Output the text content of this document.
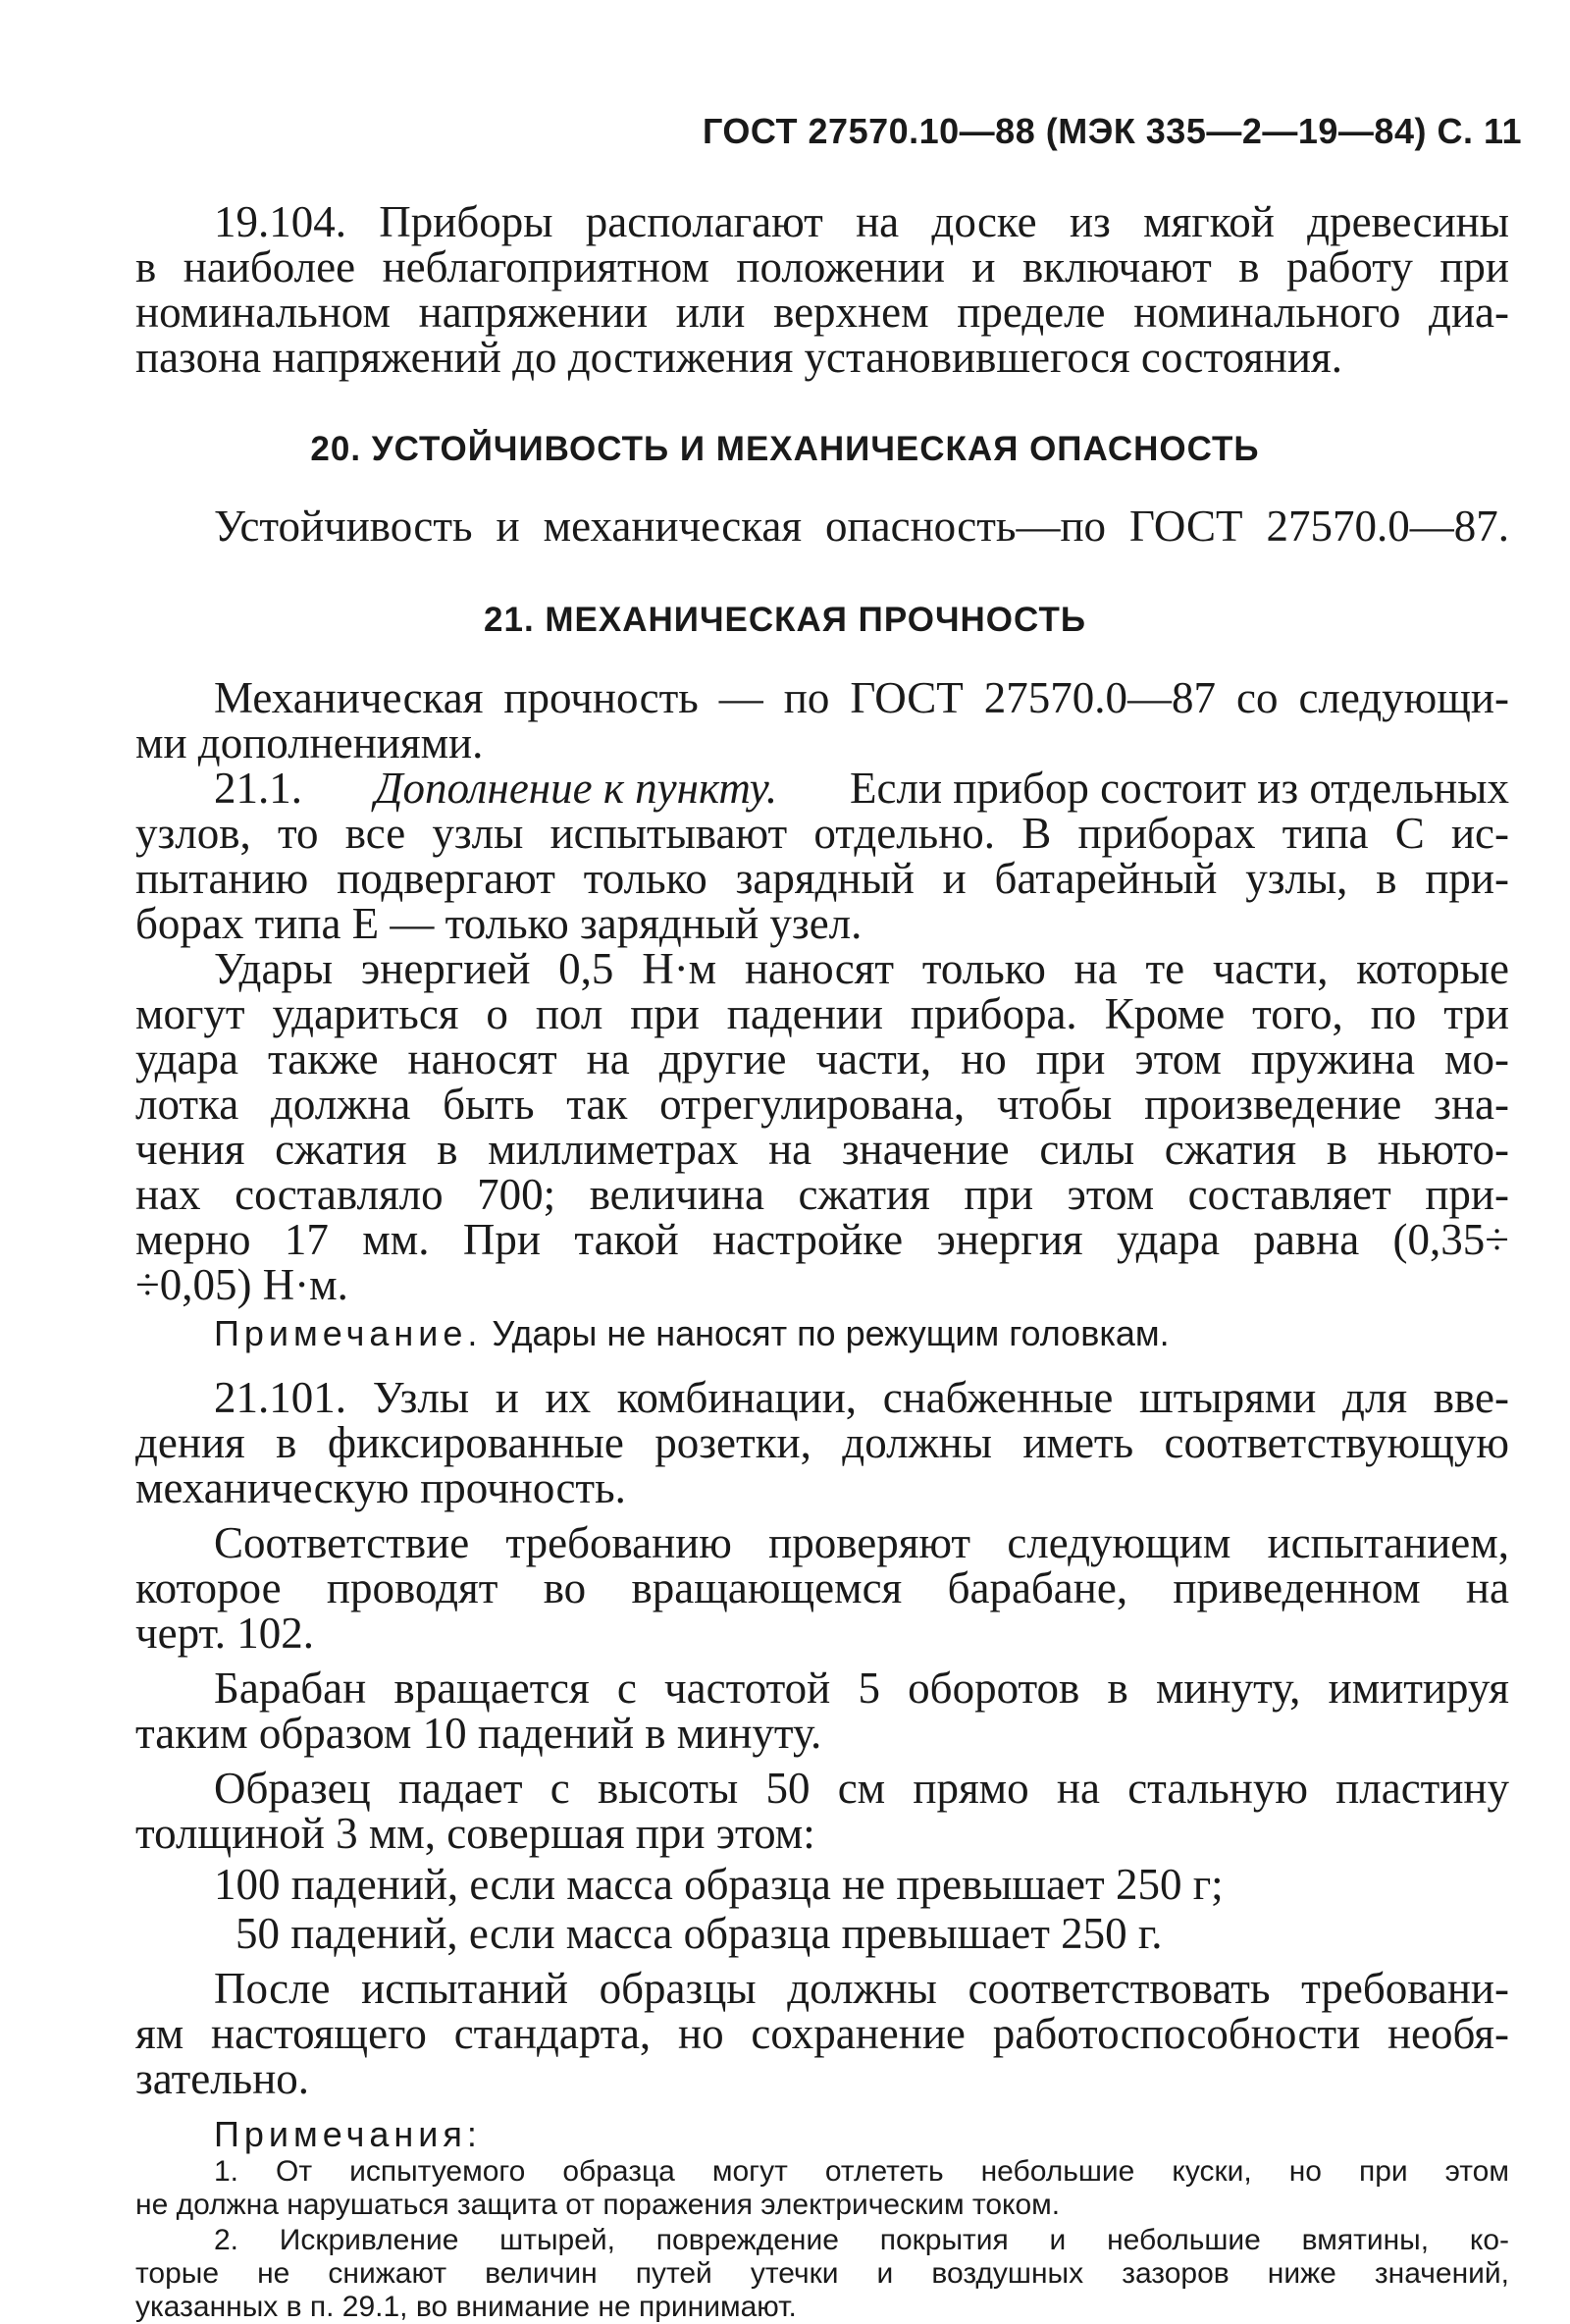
ГОСТ 27570.10—88 (МЭК 335—2—19—84) С. 11
19.104. Приборы располагают на доске из мягкой древесины
в наиболее неблагоприятном положении и включают в работу при
номинальном напряжении или верхнем пределе номинального диа-
пазона напряжений до достижения установившегося состояния.
20. УСТОЙЧИВОСТЬ И МЕХАНИЧЕСКАЯ ОПАСНОСТЬ
Устойчивость и механическая опасность—по ГОСТ 27570.0—87.
21. МЕХАНИЧЕСКАЯ ПРОЧНОСТЬ
Механическая прочность — по ГОСТ 27570.0—87 со следующи-
ми дополнениями.
21.1. Дополнение к пункту. Если прибор состоит из отдельных
узлов, то все узлы испытывают отдельно. В приборах типа С ис-
пытанию подвергают только зарядный и батарейный узлы, в при-
борах типа Е — только зарядный узел.
Удары энергией 0,5 Н·м наносят только на те части, которые
могут удариться о пол при падении прибора. Кроме того, по три
удара также наносят на другие части, но при этом пружина мо-
лотка должна быть так отрегулирована, чтобы произведение зна-
чения сжатия в миллиметрах на значение силы сжатия в ньюто-
нах составляло 700; величина сжатия при этом составляет при-
мерно 17 мм. При такой настройке энергия удара равна (0,35÷
÷0,05) Н·м.
Примечание. Удары не наносят по режущим головкам.
21.101. Узлы и их комбинации, снабженные штырями для вве-
дения в фиксированные розетки, должны иметь соответствующую
механическую прочность.
Соответствие требованию проверяют следующим испытанием,
которое проводят во вращающемся барабане, приведенном на
черт. 102.
Барабан вращается с частотой 5 оборотов в минуту, имитируя
таким образом 10 падений в минуту.
Образец падает с высоты 50 см прямо на стальную пластину
толщиной 3 мм, совершая при этом:
100 падений, если масса образца не превышает 250 г;
50 падений, если масса образца превышает 250 г.
После испытаний образцы должны соответствовать требовани-
ям настоящего стандарта, но сохранение работоспособности необя-
зательно.
Примечания:
1. От испытуемого образца могут отлететь небольшие куски, но при этом
не должна нарушаться защита от поражения электрическим током.
2. Искривление штырей, повреждение покрытия и небольшие вмятины, ко-
торые не снижают величин путей утечки и воздушных зазоров ниже значений,
указанных в п. 29.1, во внимание не принимают.
